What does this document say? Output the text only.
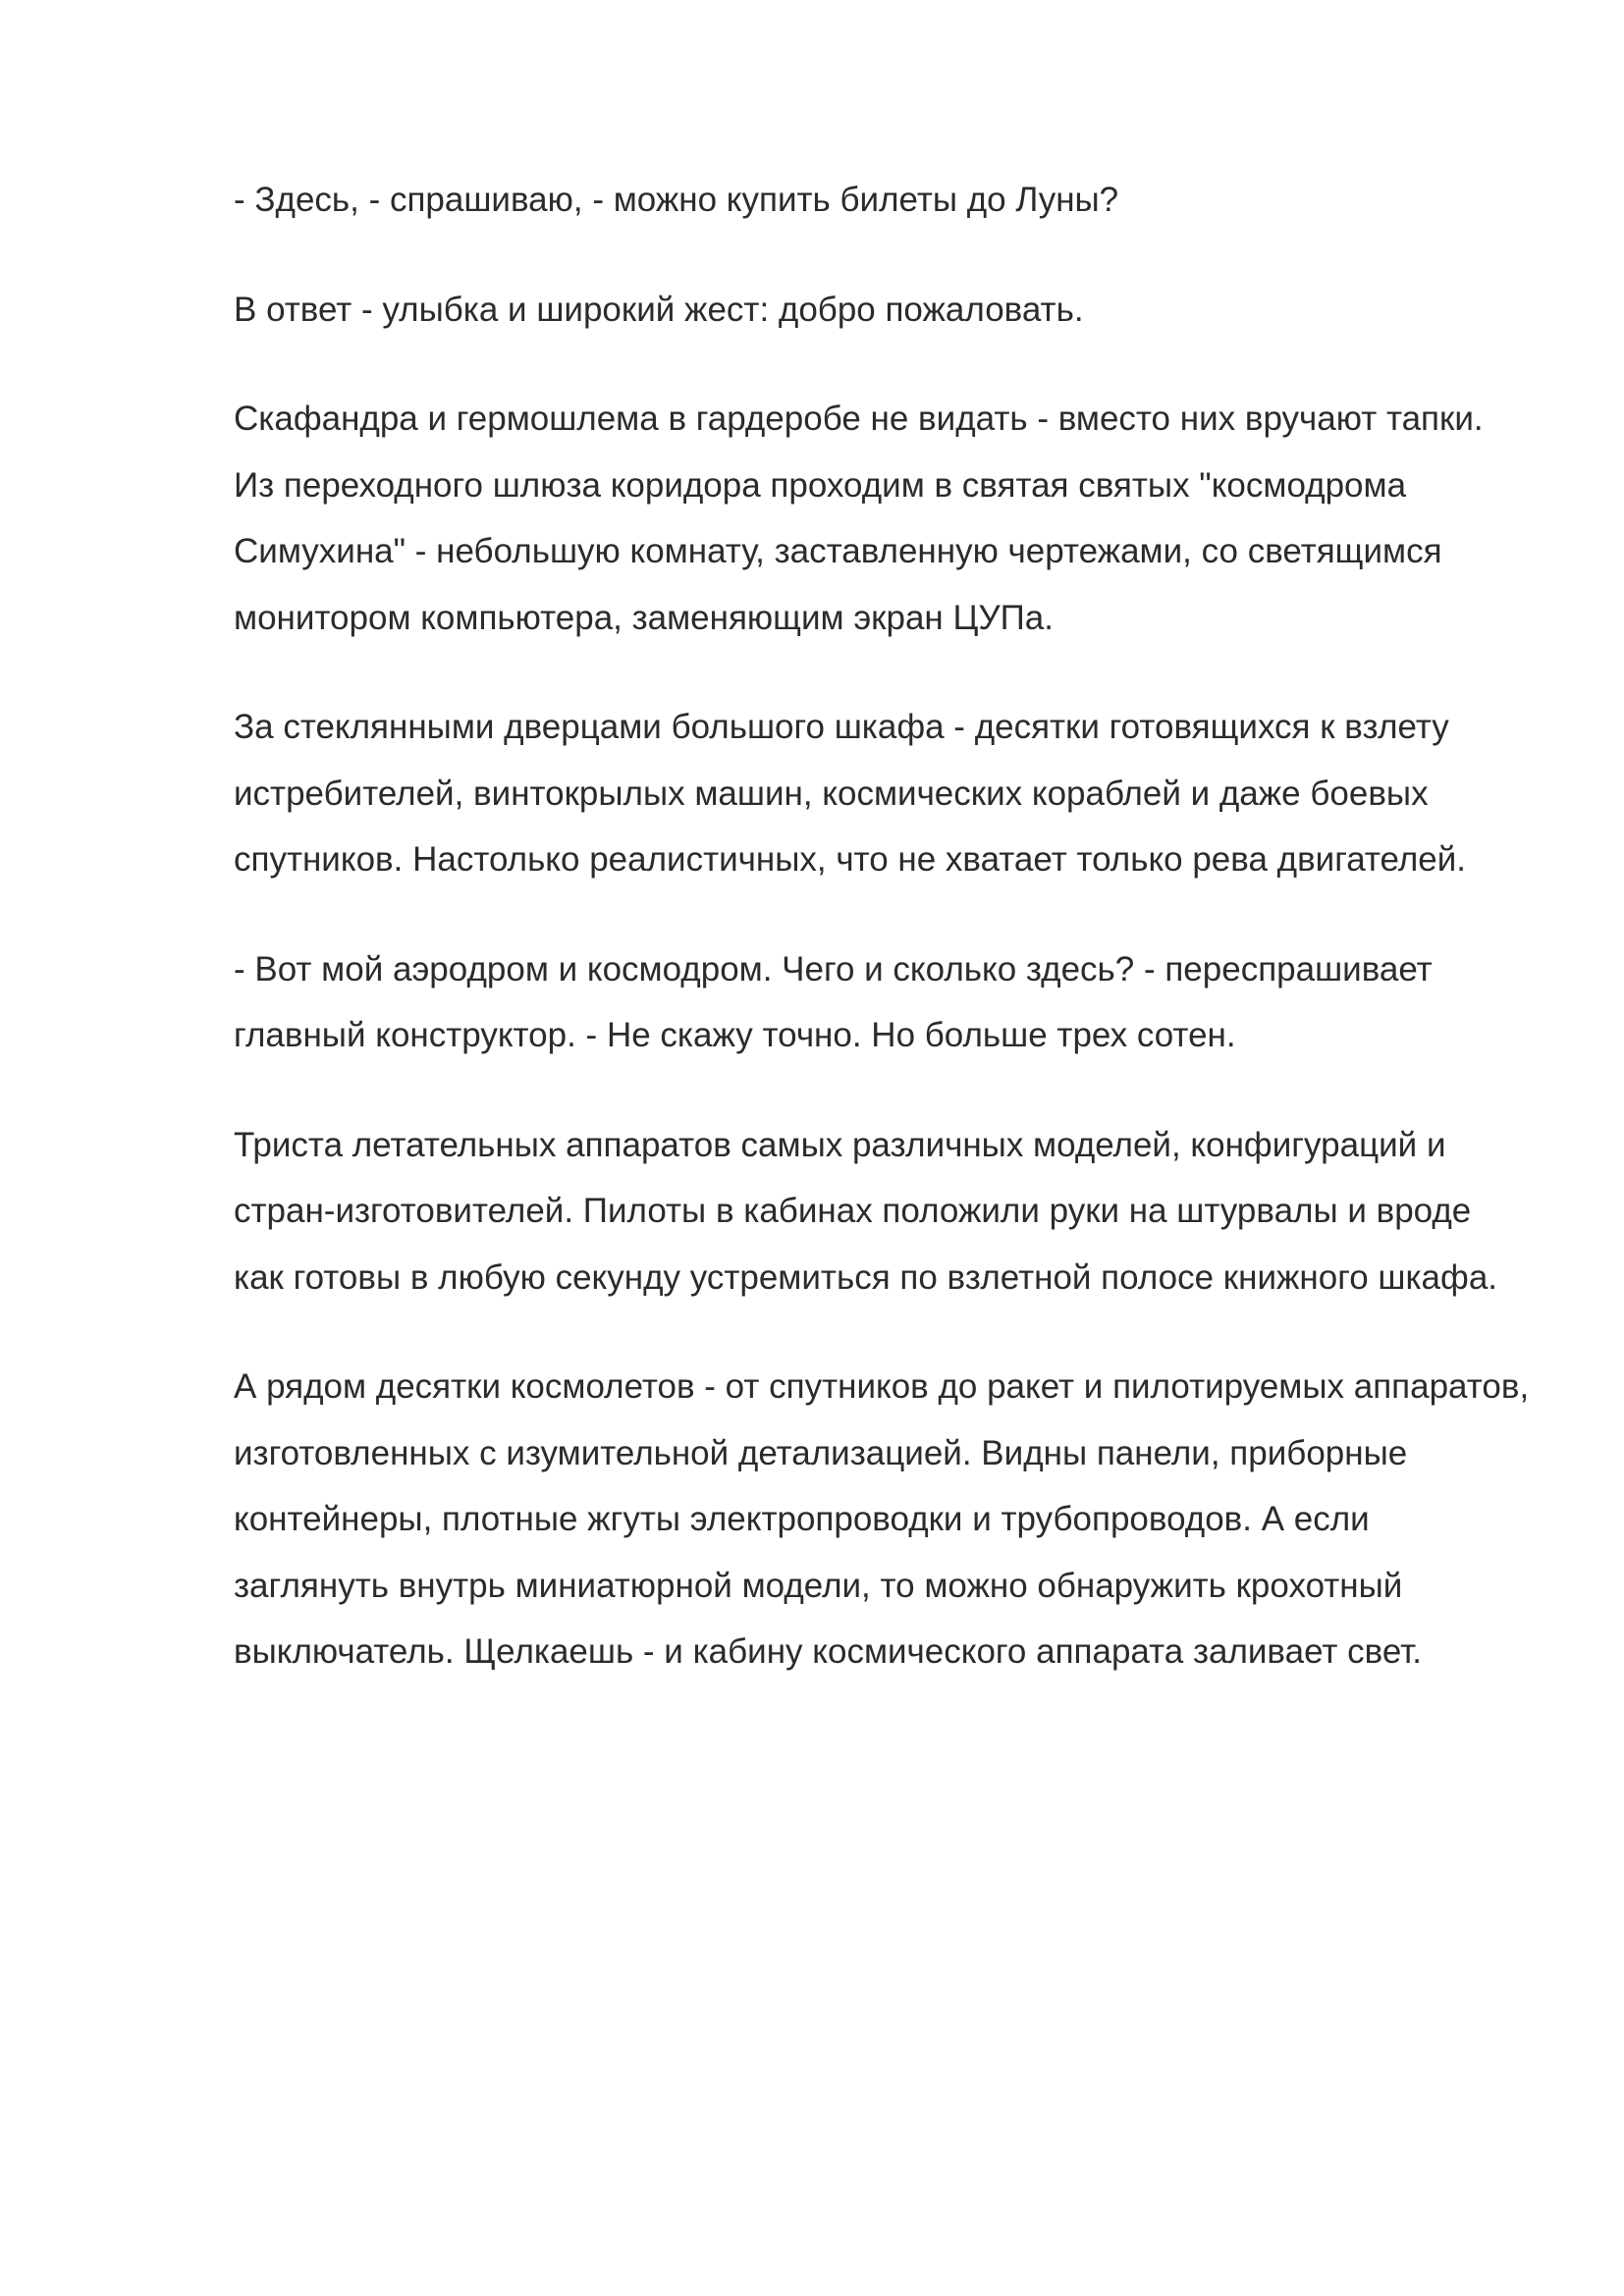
- Здесь, - спрашиваю, - можно купить билеты до Луны?

В ответ - улыбка и широкий жест: добро пожаловать.

Скафандра и гермошлема в гардеробе не видать - вместо них вручают тапки. Из переходного шлюза коридора проходим в святая святых "космодрома Симухина" - небольшую комнату, заставленную чертежами, со светящимся монитором компьютера, заменяющим экран ЦУПа.

За стеклянными дверцами большого шкафа - десятки готовящихся к взлету истребителей, винтокрылых машин, космических кораблей и даже боевых спутников. Настолько реалистичных, что не хватает только рева двигателей.

- Вот мой аэродром и космодром. Чего и сколько здесь? - переспрашивает главный конструктор. - Не скажу точно. Но больше трех сотен.

Триста летательных аппаратов самых различных моделей, конфигураций и стран-изготовителей. Пилоты в кабинах положили руки на штурвалы и вроде как готовы в любую секунду устремиться по взлетной полосе книжного шкафа.

А рядом десятки космолетов - от спутников до ракет и пилотируемых аппаратов, изготовленных с изумительной детализацией. Видны панели, приборные контейнеры, плотные жгуты электропроводки и трубопроводов. А если заглянуть внутрь миниатюрной модели, то можно обнаружить крохотный выключатель. Щелкаешь - и кабину космического аппарата заливает свет.
